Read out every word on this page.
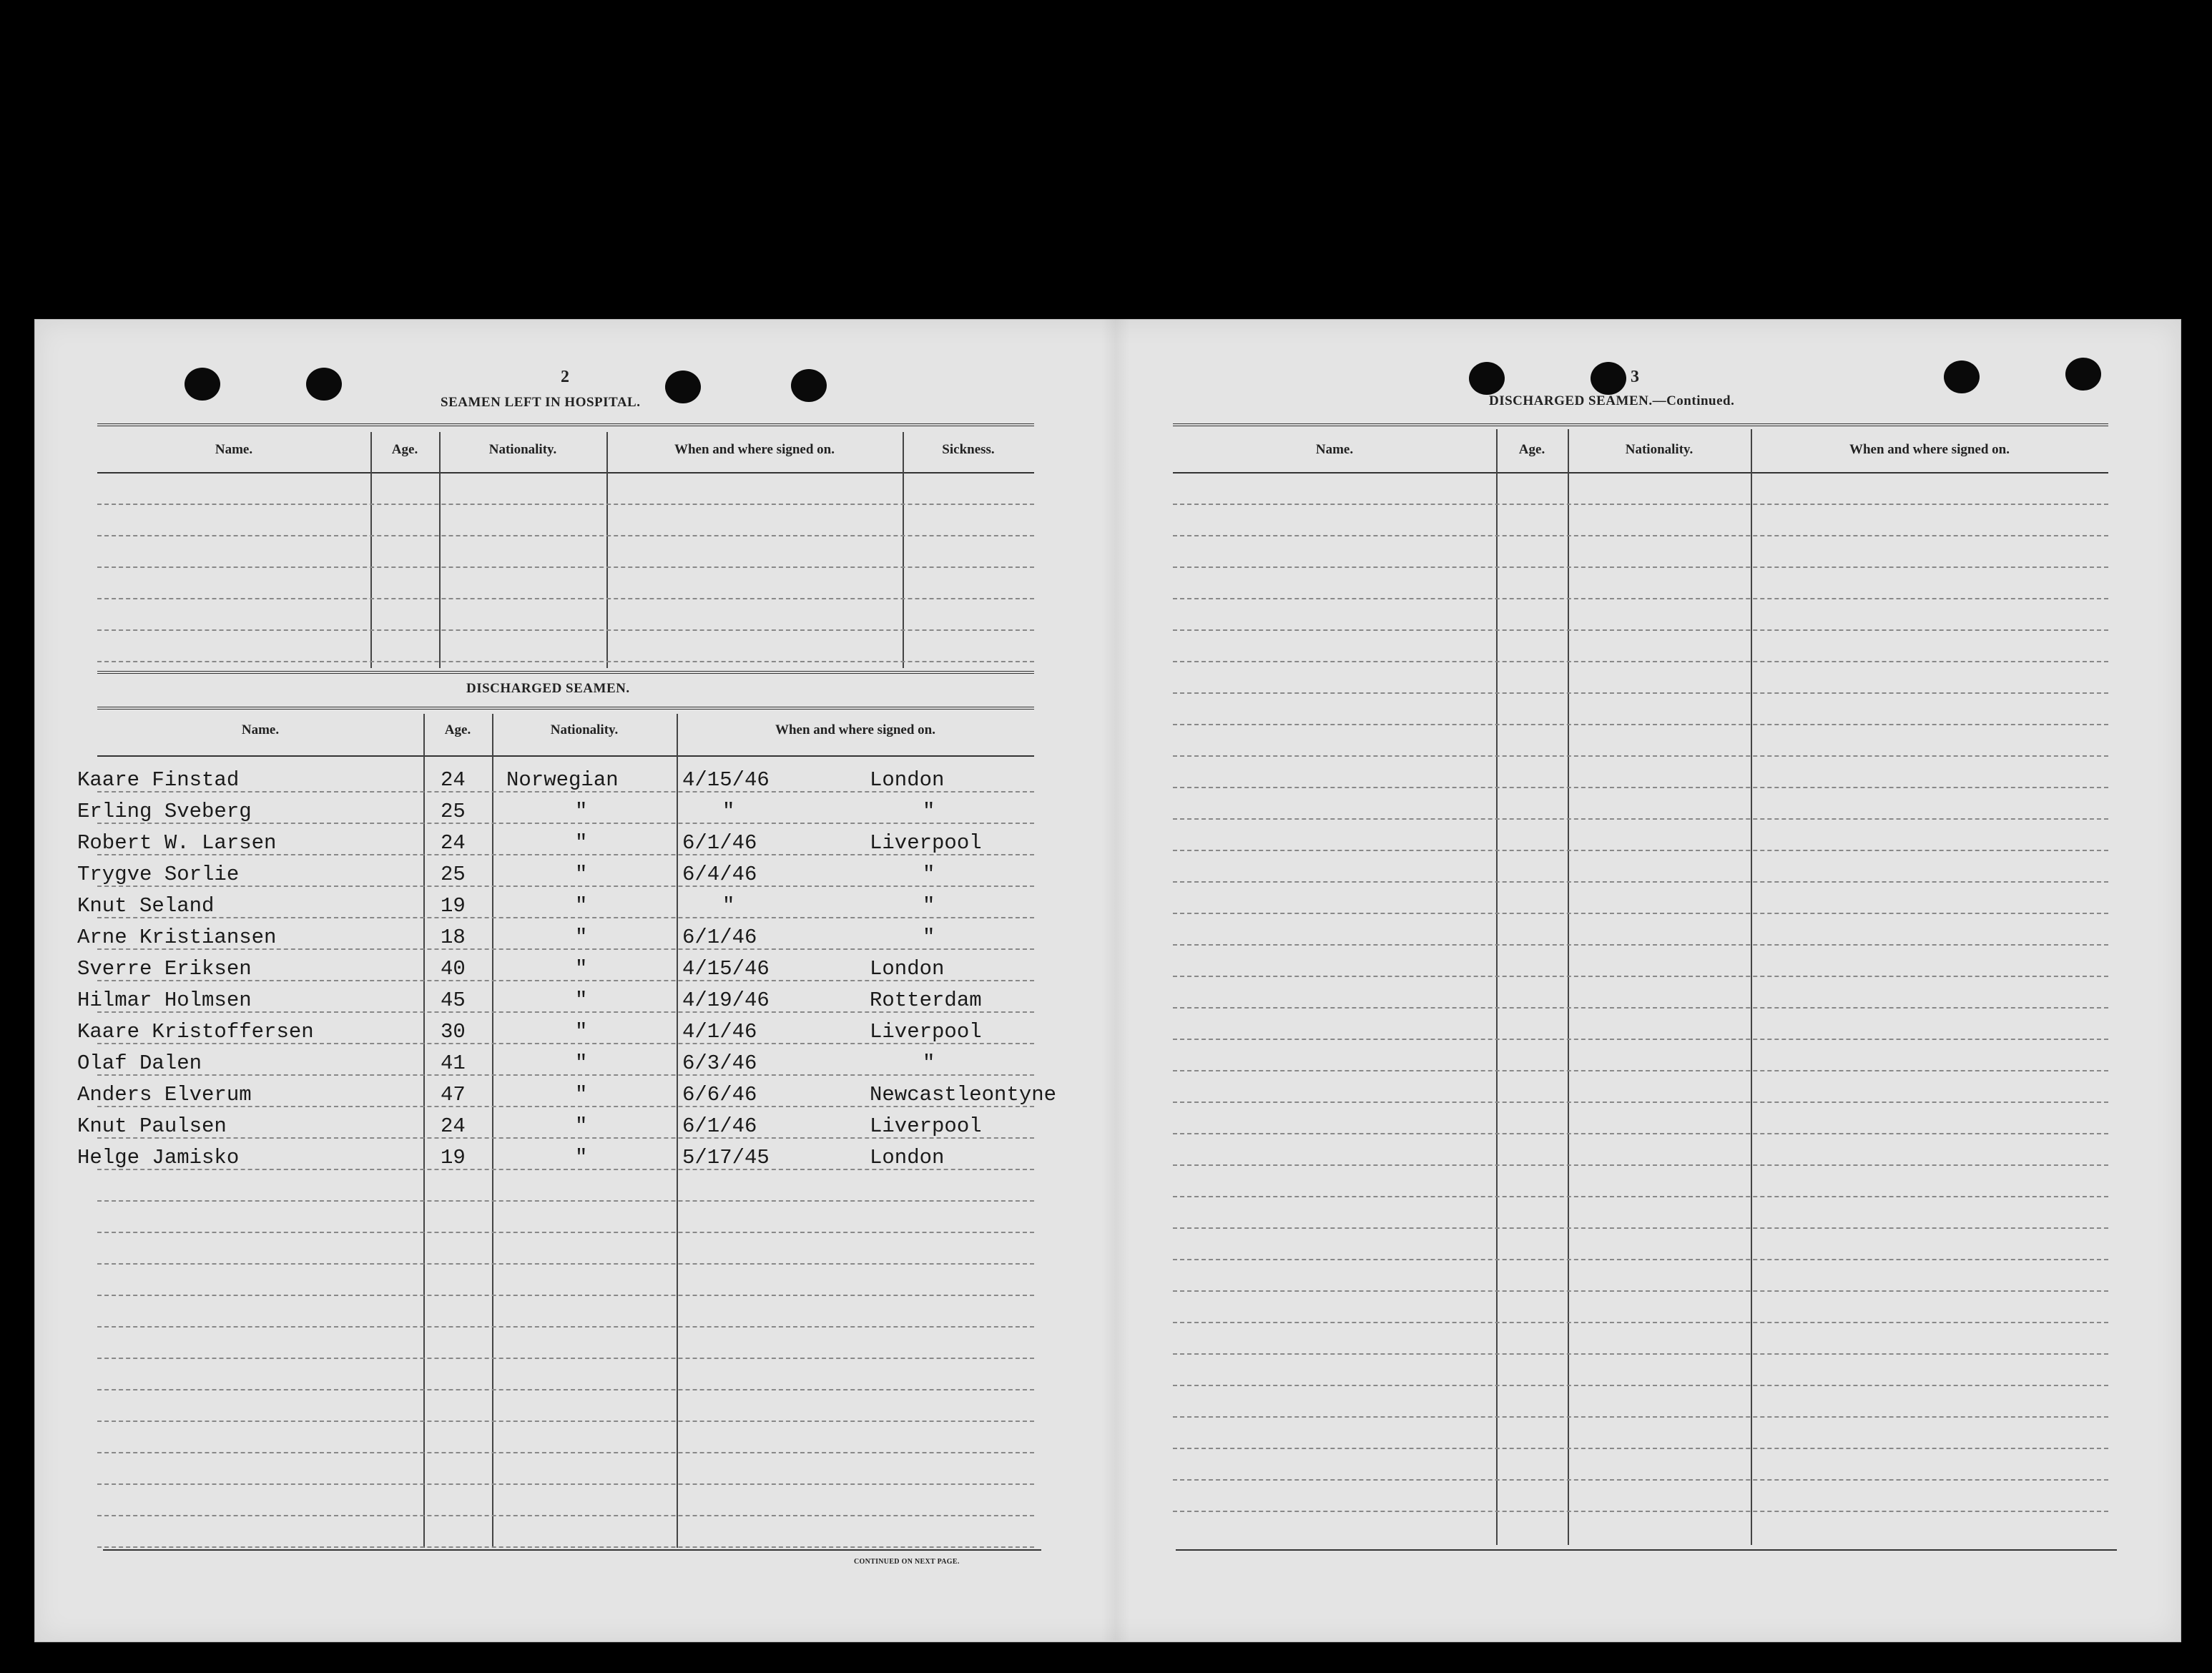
2
SEAMEN LEFT IN HOSPITAL.
Name.	Age.	Nationality.	When and where signed on.	Sickness.
DISCHARGED SEAMEN.
Name.	Age.	Nationality.	When and where signed on.
Kaare Finstad	24 Norwegian	4/15/46	London
Erling Sveberg	25	"	"	"
Robert W. Larsen	24	"	6/1/46	Liverpool
Trygve Sorlie	25	"	6/4/46	"
Knut Seland	19	"	"	"
Arne Kristiansen	18	"	6/1/46	"
Sverre Eriksen	40	"	4/15/46	London
Hilmar Holmsen	45	"	4/19/46	Rotterdam
Kaare Kristoffersen	30	"	4/1/46	Liverpool
Olaf Dalen	41	"	6/3/46	"
Anders Elverum	47	"	6/6/46	Newcastleontyne
Knut Paulsen	24	"	6/1/46	Liverpool
Helge Jamisko	19	"	5/17/45	London
CONTINUED ON NEXT PAGE.
3
DISCHARGED SEAMEN.—Continued.
Name.	Age.	Nationality.	When and where signed on.
